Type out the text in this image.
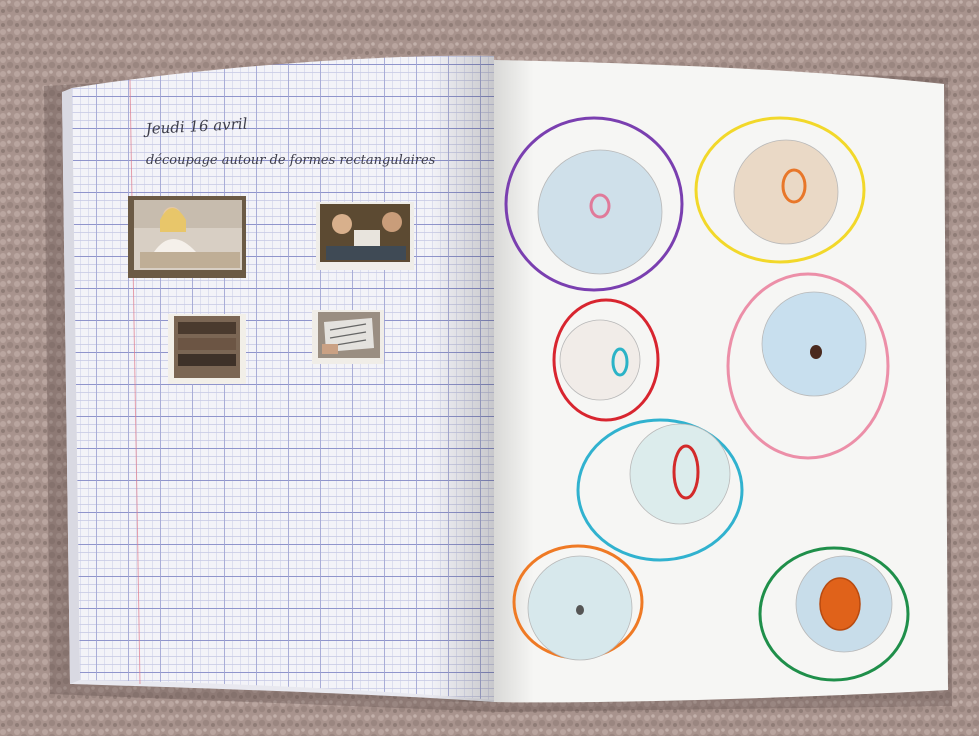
Jeudi 16 avril
découpage autour de formes rectangulaires
